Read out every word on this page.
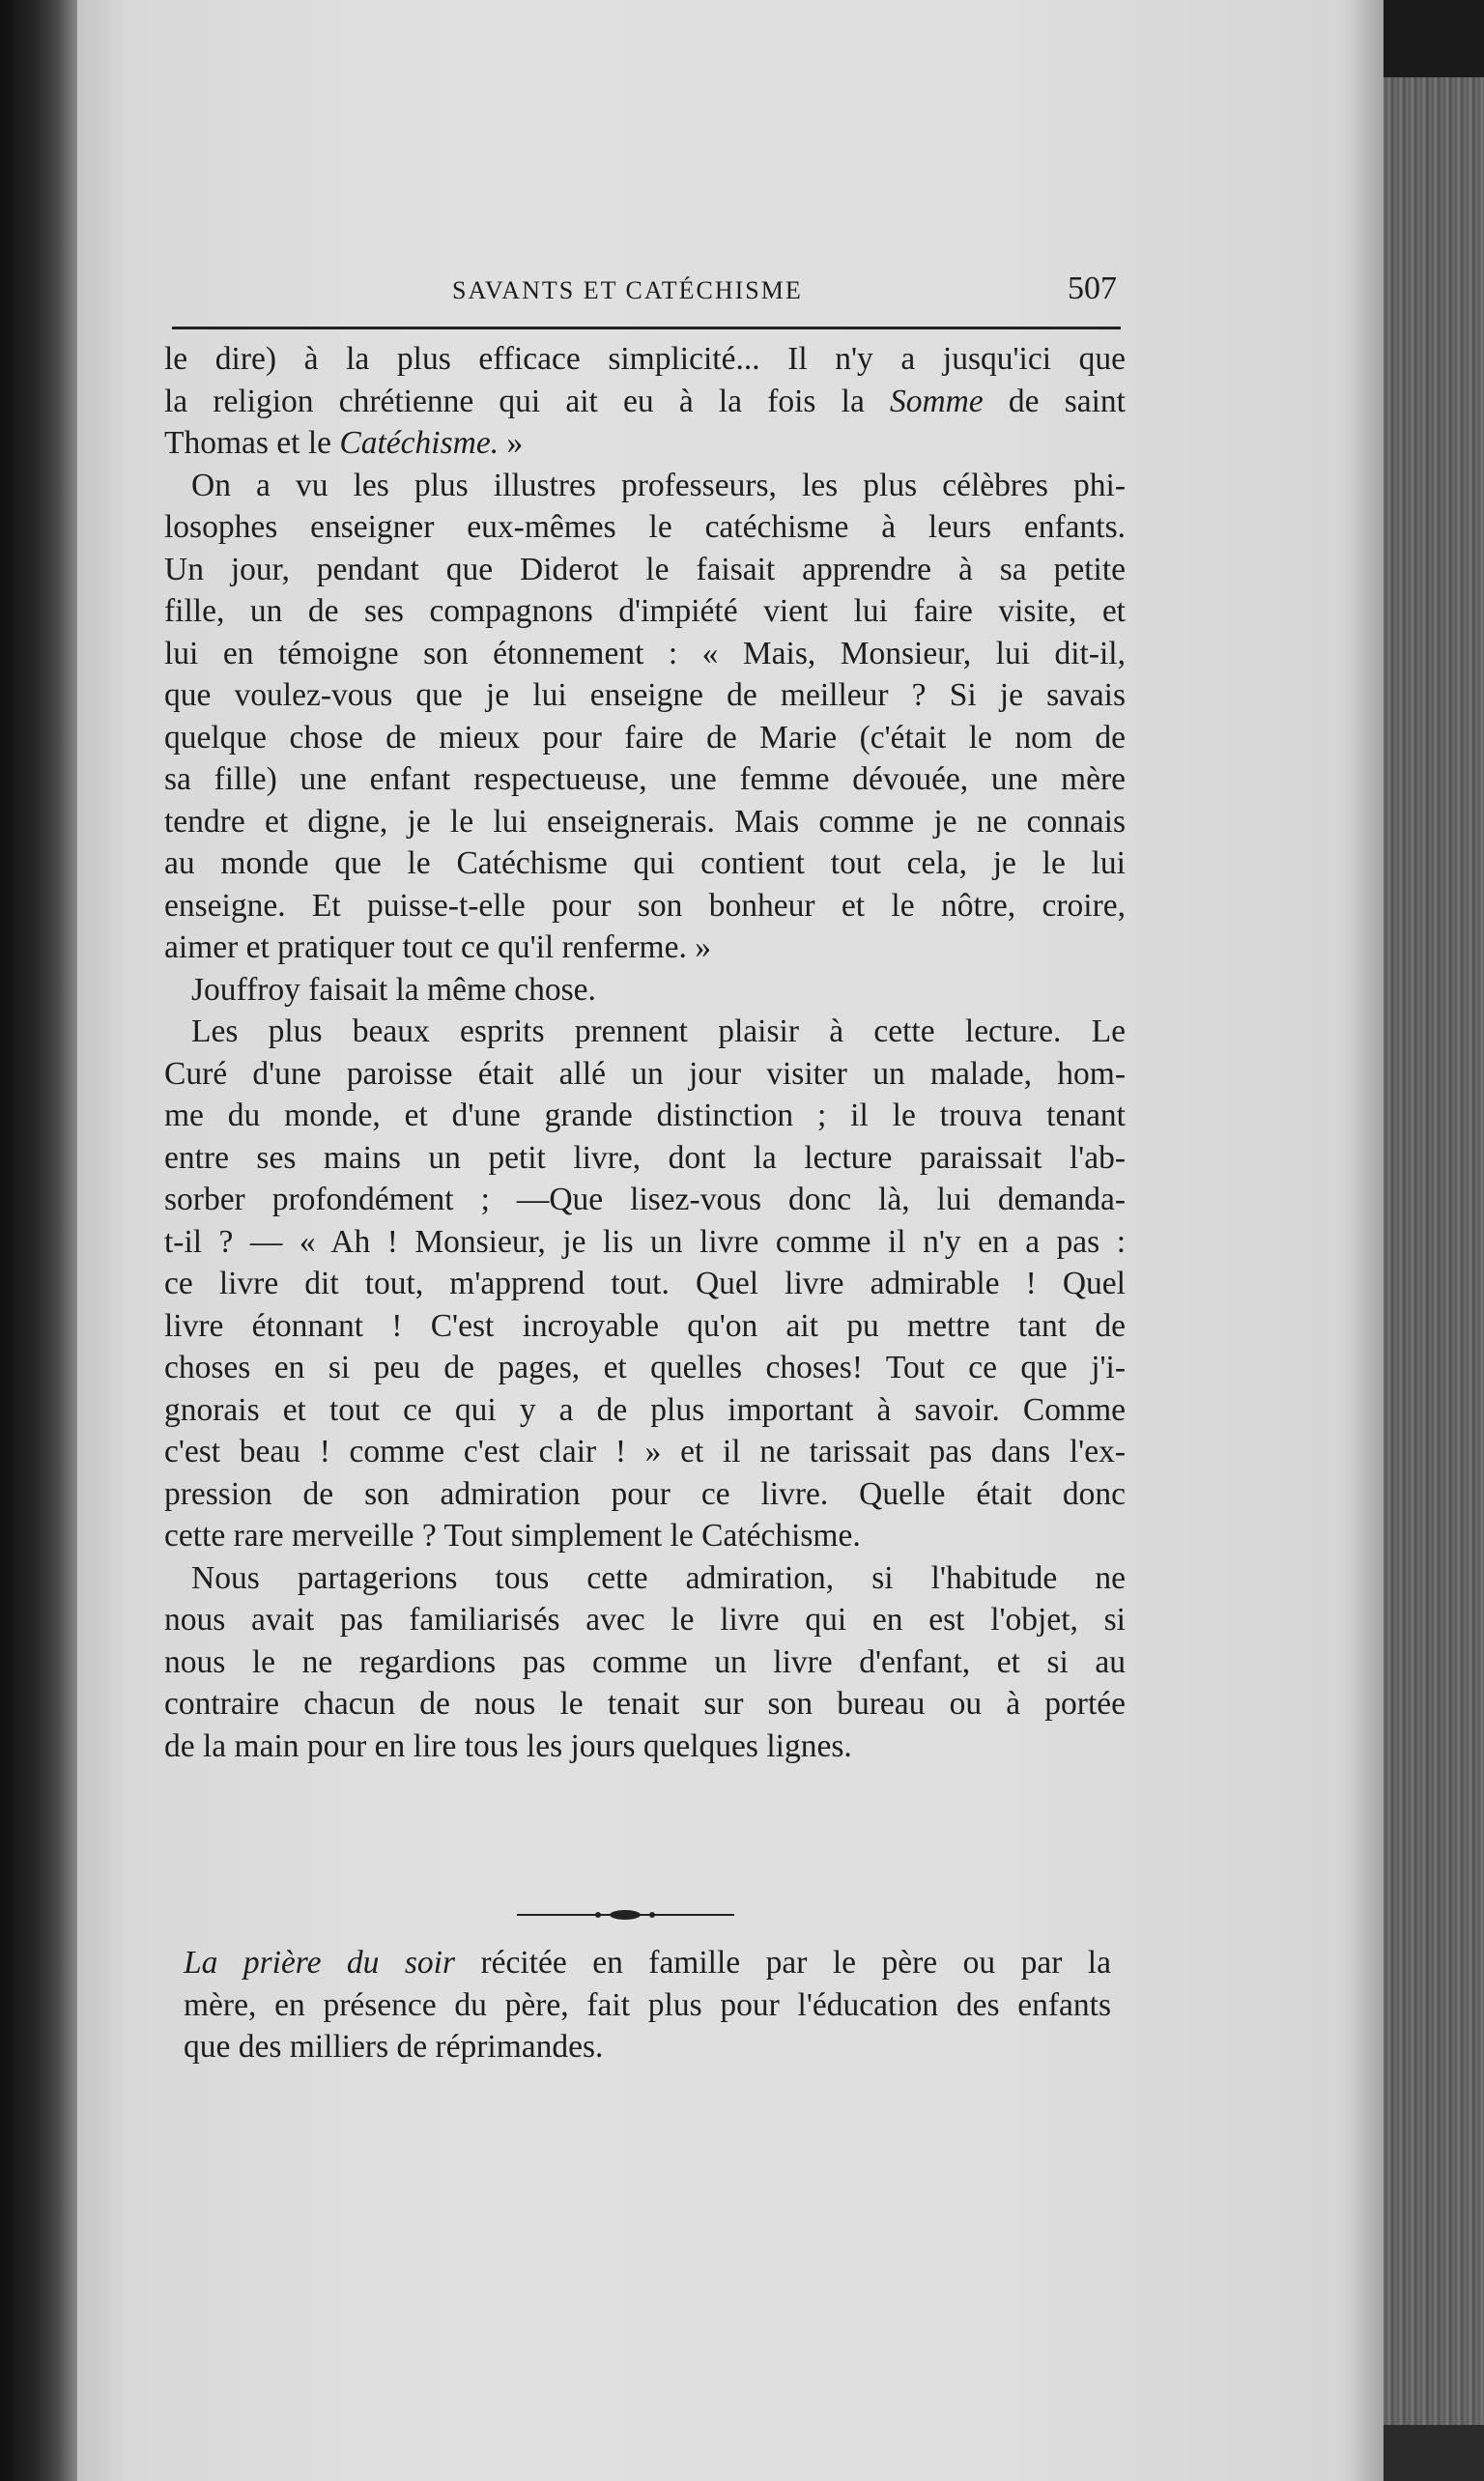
SAVANTS ET CATÉCHISME	507

le dire) à la plus efficace simplicité... Il n'y a jusqu'ici que
la religion chrétienne qui ait eu à la fois la Somme de saint
Thomas et le Catéchisme. »

On a vu les plus illustres professeurs, les plus célèbres phi-
losophes enseigner eux-mêmes le catéchisme à leurs enfants.
Un jour, pendant que Diderot le faisait apprendre à sa petite
fille, un de ses compagnons d'impiété vient lui faire visite, et
lui en témoigne son étonnement : « Mais, Monsieur, lui dit-il,
que voulez-vous que je lui enseigne de meilleur ? Si je savais
quelque chose de mieux pour faire de Marie (c'était le nom de
sa fille) une enfant respectueuse, une femme dévouée, une mère
tendre et digne, je le lui enseignerais. Mais comme je ne connais
au monde que le Catéchisme qui contient tout cela, je le lui
enseigne. Et puisse-t-elle pour son bonheur et le nôtre, croire,
aimer et pratiquer tout ce qu'il renferme. »

Jouffroy faisait la même chose.

Les plus beaux esprits prennent plaisir à cette lecture. Le
Curé d'une paroisse était allé un jour visiter un malade, hom-
me du monde, et d'une grande distinction ; il le trouva tenant
entre ses mains un petit livre, dont la lecture paraissait l'ab-
sorber profondément ; —Que lisez-vous donc là, lui demanda-
t-il ? — « Ah ! Monsieur, je lis un livre comme il n'y en a pas :
ce livre dit tout, m'apprend tout. Quel livre admirable ! Quel
livre étonnant ! C'est incroyable qu'on ait pu mettre tant de
choses en si peu de pages, et quelles choses! Tout ce que j'i-
gnorais et tout ce qui y a de plus important à savoir. Comme
c'est beau ! comme c'est clair ! » et il ne tarissait pas dans l'ex-
pression de son admiration pour ce livre. Quelle était donc
cette rare merveille ? Tout simplement le Catéchisme.

Nous partagerions tous cette admiration, si l'habitude ne
nous avait pas familiarisés avec le livre qui en est l'objet, si
nous le ne regardions pas comme un livre d'enfant, et si au
contraire chacun de nous le tenait sur son bureau ou à portée
de la main pour en lire tous les jours quelques lignes.

La prière du soir récitée en famille par le père ou par la
mère, en présence du père, fait plus pour l'éducation des enfants
que des milliers de réprimandes.
